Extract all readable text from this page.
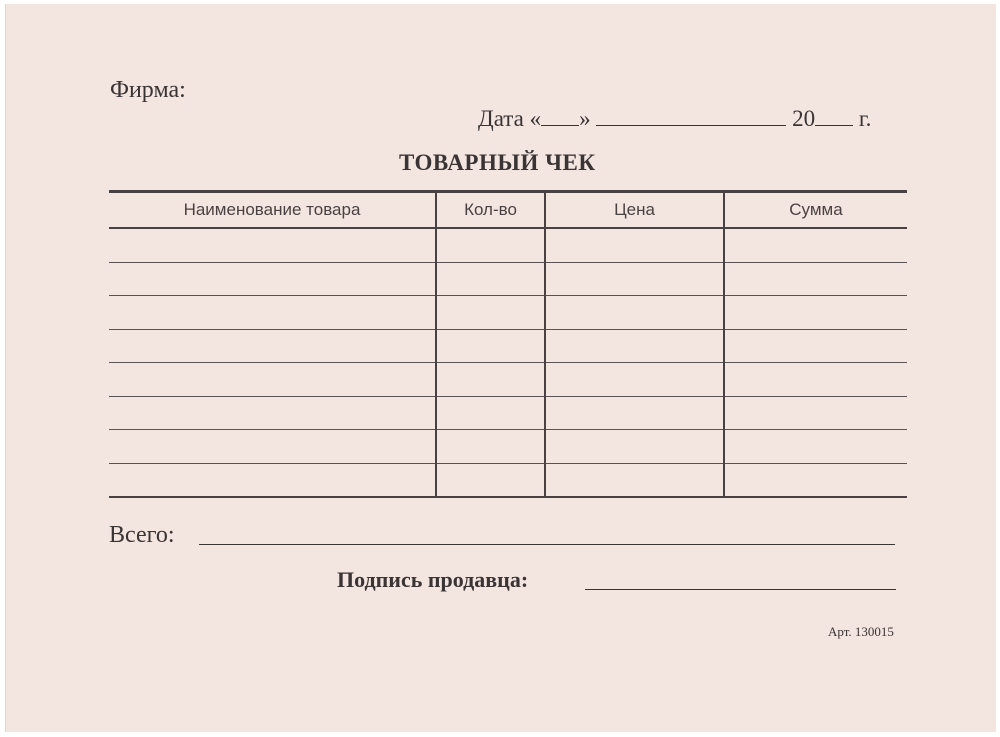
Фирма:
Дата « »	20 г.
ТОВАРНЫЙ ЧЕК
Наименование товара	Кол-во	Цена	Сумма

Всего:
Подпись продавца:
Арт. 130015
